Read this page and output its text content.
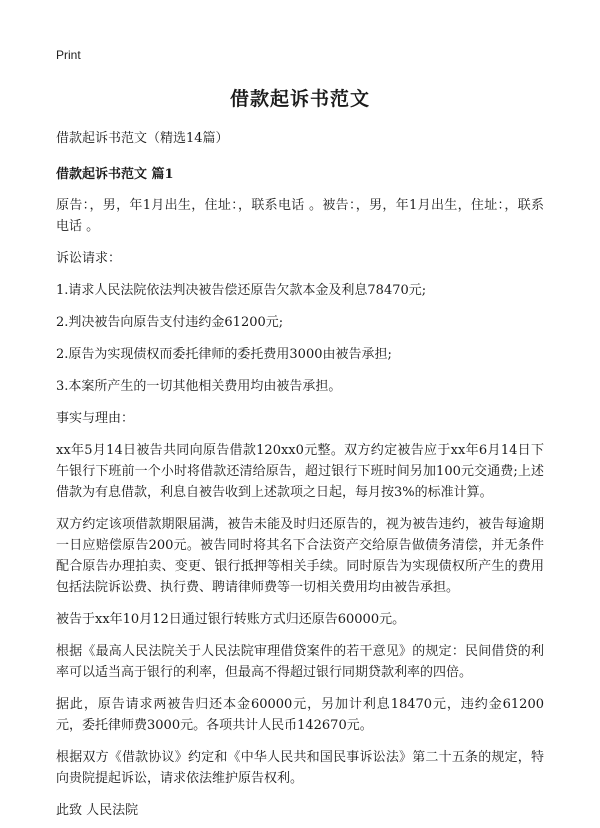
Print
借款起诉书范文

借款起诉书范文（精选14篇）

借款起诉书范文 篇1

原告：，男，年1月出生，住址：，联系电话 。被告：，男，年1月出生，住址：，联系电话 。

诉讼请求：

1.请求人民法院依法判决被告偿还原告欠款本金及利息78470元;

2.判决被告向原告支付违约金61200元;

2.原告为实现债权而委托律师的委托费用3000由被告承担;

3.本案所产生的一切其他相关费用均由被告承担。

事实与理由：

xx年5月14日被告共同向原告借款120xx0元整。双方约定被告应于xx年6月14日下午银行下班前一个小时将借款还清给原告，超过银行下班时间另加100元交通费;上述借款为有息借款，利息自被告收到上述款项之日起，每月按3%的标准计算。

双方约定该项借款期限届满，被告未能及时归还原告的，视为被告违约，被告每逾期一日应赔偿原告200元。被告同时将其名下合法资产交给原告做债务清偿，并无条件配合原告办理拍卖、变更、银行抵押等相关手续。同时原告为实现债权所产生的费用包括法院诉讼费、执行费、聘请律师费等一切相关费用均由被告承担。

被告于xx年10月12日通过银行转账方式归还原告60000元。

根据《最高人民法院关于人民法院审理借贷案件的若干意见》的规定：民间借贷的利率可以适当高于银行的利率，但最高不得超过银行同期贷款利率的四倍。

据此，原告请求两被告归还本金60000元，另加计利息18470元，违约金61200元，委托律师费3000元。各项共计人民币142670元。

根据双方《借款协议》约定和《中华人民共和国民事诉讼法》第二十五条的规定，特向贵院提起诉讼，请求依法维护原告权利。

此致 人民法院
